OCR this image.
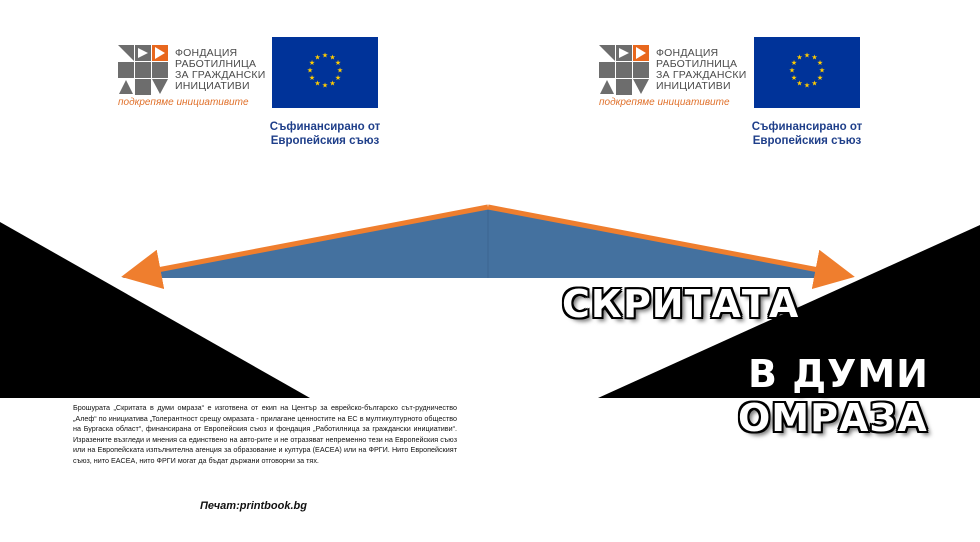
★ ★
★
★
★
★
★
★
★
★
★
★	★ ★
★
★
★
★
★
★
★
★
★
★
ФОНДАЦИЯ
РАБОТИЛНИЦА
ЗА ГРАЖДАНСКИ
ИНИЦИАТИВИ
подкрепяме инициативите
Съфинансирано от
Европейския съюз
ФОНДАЦИЯ
РАБОТИЛНИЦА
ЗА ГРАЖДАНСКИ
ИНИЦИАТИВИ
подкрепяме инициативите
Съфинансирано от
Европейския съюз
СКРИТАТА
В ДУМИ
ОМРАЗА
Брошурата „Скритата в думи омраза“ е изготвена от екип на Център за еврейско-българско сът-рудничество „Алеф“ по инициатива „Толерантност срещу омразата - прилагане ценностите на ЕС в мултикултурното общество на Бургаска област“, финансирана от Европейския съюз и фондация „Работилница за граждански инициативи“. Изразените възгледи и мнения са единствено на авто-рите и не отразяват непременно тези на Европейския съюз или на Европейската изпълнителна агенция за образование и култура (EACEA) или на ФРГИ. Нито Европейският съюз, нито EACEA, нито ФРГИ могат да бъдат държани отговорни за тях.
Печат:printbook.bg
